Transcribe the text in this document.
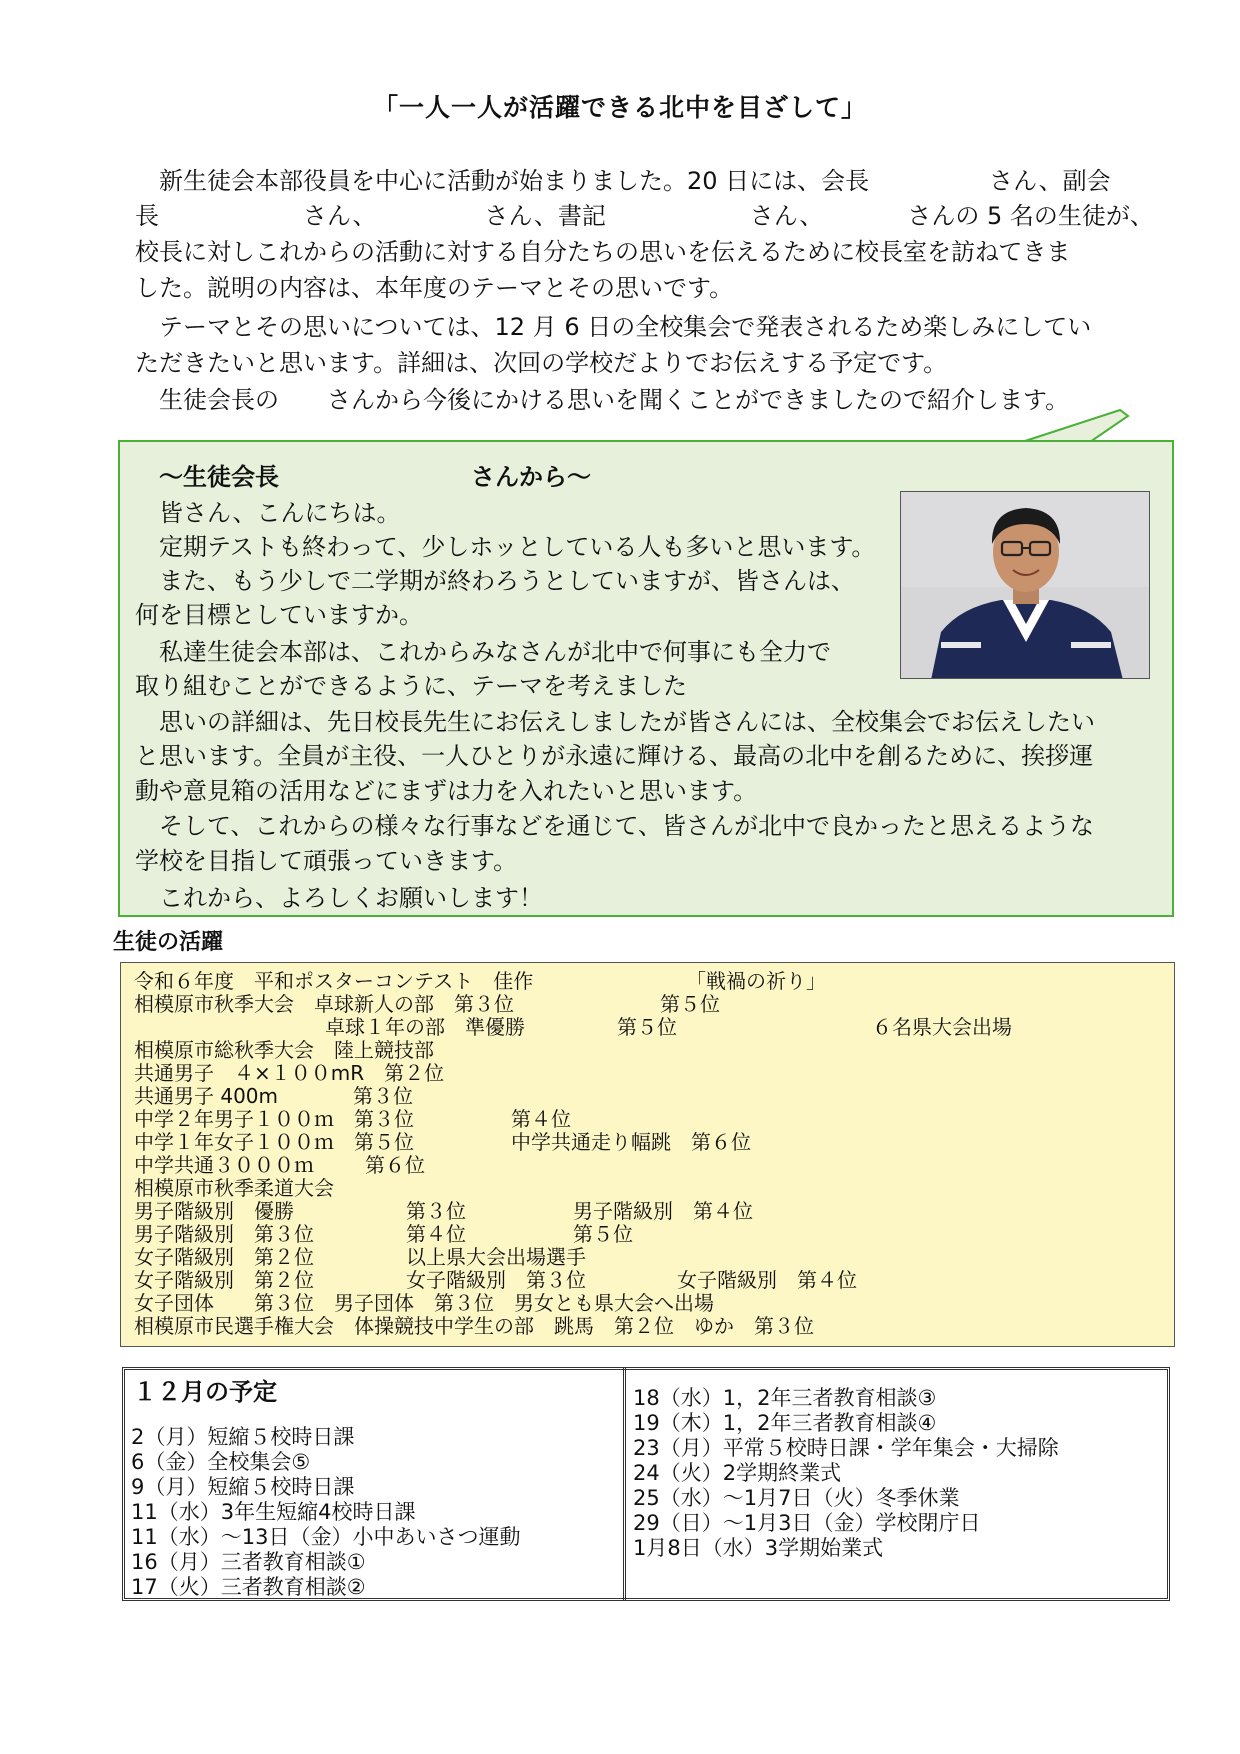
「一人一人が活躍できる北中を目ざして」
　新生徒会本部役員を中心に活動が始まりました。20 日には、会長　　　　　さん、副会
長　　　　　　さん、　　　　　さん、書記　　　　　　さん、　　　　さんの 5 名の生徒が、
校長に対しこれからの活動に対する自分たちの思いを伝えるために校長室を訪ねてきま
した。説明の内容は、本年度のテーマとその思いです。
　テーマとその思いについては、12 月 6 日の全校集会で発表されるため楽しみにしてい
ただきたいと思います。詳細は、次回の学校だよりでお伝えする予定です。
　生徒会長の　　さんから今後にかける思いを聞くことができましたので紹介します。
　〜生徒会長　　　　　　　　さんから〜
　皆さん、こんにちは。
　定期テストも終わって、少しホッとしている人も多いと思います。
　また、もう少しで二学期が終わろうとしていますが、皆さんは、
何を目標としていますか。
　私達生徒会本部は、これからみなさんが北中で何事にも全力で
取り組むことができるように、テーマを考えました
　思いの詳細は、先日校長先生にお伝えしましたが皆さんには、全校集会でお伝えしたい
と思います。全員が主役、一人ひとりが永遠に輝ける、最高の北中を創るために、挨拶運
動や意見箱の活用などにまずは力を入れたいと思います。
　そして、これからの様々な行事などを通じて、皆さんが北中で良かったと思えるような
学校を目指して頑張っていきます。
　これから、よろしくお願いします！
生徒の活躍
令和６年度　平和ポスターコンテスト　佳作	「戦禍の祈り」
相模原市秋季大会　卓球新人の部　第３位	第５位
卓球１年の部　準優勝	第５位	６名県大会出場
相模原市総秋季大会　陸上競技部
共通男子　４×１００mR　第２位
共通男子 400m	第３位
中学２年男子１００ｍ　第３位	第４位
中学１年女子１００ｍ　第５位	中学共通走り幅跳　第６位
中学共通３０００ｍ	第６位
相模原市秋季柔道大会
男子階級別　優勝	第３位	男子階級別　第４位
男子階級別　第３位	第４位	第５位
女子階級別　第２位	以上県大会出場選手
女子階級別　第２位	女子階級別　第３位	女子階級別　第４位
女子団体　　第３位　男子団体　第３位　男女とも県大会へ出場
相模原市民選手権大会　体操競技中学生の部　跳馬　第２位　ゆか　第３位
１２月の予定
2（月）短縮５校時日課
6（金）全校集会⑤
9（月）短縮５校時日課
11（水）3年生短縮4校時日課
11（水）〜13日（金）小中あいさつ運動
16（月）三者教育相談①
17（火）三者教育相談②
18（水）1，2年三者教育相談③
19（木）1，2年三者教育相談④
23（月）平常５校時日課・学年集会・大掃除
24（火）2学期終業式
25（水）〜1月7日（火）冬季休業
29（日）〜1月3日（金）学校閉庁日
1月8日（水）3学期始業式
